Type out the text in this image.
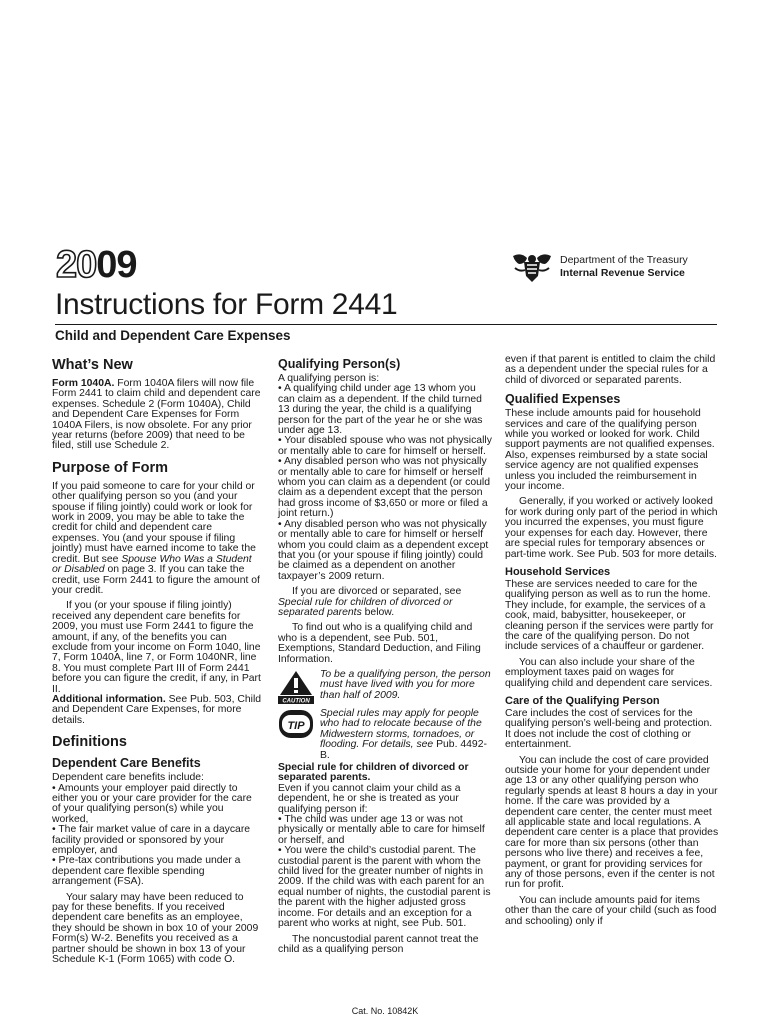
2009	Department of the Treasury
Internal Revenue Service
Instructions for Form 2441
Child and Dependent Care Expenses
What’s New

Form 1040A. Form 1040A filers will now file Form 2441 to claim child and dependent care expenses. Schedule 2 (Form 1040A), Child and Dependent Care Expenses for Form 1040A Filers, is now obsolete. For any prior year returns (before 2009) that need to be filed, still use Schedule 2.

Purpose of Form

If you paid someone to care for your child or other qualifying person so you (and your spouse if filing jointly) could work or look for work in 2009, you may be able to take the credit for child and dependent care expenses. You (and your spouse if filing jointly) must have earned income to take the credit. But see Spouse Who Was a Student or Disabled on page 3. If you can take the credit, use Form 2441 to figure the amount of your credit.

If you (or your spouse if filing jointly) received any dependent care benefits for 2009, you must use Form 2441 to figure the amount, if any, of the benefits you can exclude from your income on Form 1040, line 7, Form 1040A, line 7, or Form 1040NR, line 8. You must complete Part III of Form 2441 before you can figure the credit, if any, in Part II.

Additional information. See Pub. 503, Child and Dependent Care Expenses, for more details.

Definitions
Dependent Care Benefits

Dependent care benefits include:

• Amounts your employer paid directly to either you or your care provider for the care of your qualifying person(s) while you worked,

• The fair market value of care in a daycare facility provided or sponsored by your employer, and

• Pre-tax contributions you made under a dependent care flexible spending arrangement (FSA).

Your salary may have been reduced to pay for these benefits. If you received dependent care benefits as an employee, they should be shown in box 10 of your 2009 Form(s) W-2. Benefits you received as a partner should be shown in box 13 of your Schedule K-1 (Form 1065) with code O.

Qualifying Person(s)

A qualifying person is:

• A qualifying child under age 13 whom you can claim as a dependent. If the child turned 13 during the year, the child is a qualifying person for the part of the year he or she was under age 13.

• Your disabled spouse who was not physically or mentally able to care for himself or herself.

• Any disabled person who was not physically or mentally able to care for himself or herself whom you can claim as a dependent (or could claim as a dependent except that the person had gross income of $3,650 or more or filed a joint return.)

• Any disabled person who was not physically or mentally able to care for himself or herself whom you could claim as a dependent except that you (or your spouse if filing jointly) could be claimed as a dependent on another taxpayer’s 2009 return.

If you are divorced or separated, see Special rule for children of divorced or separated parents below.

To find out who is a qualifying child and who is a dependent, see Pub. 501, Exemptions, Standard Deduction, and Filing Information.

CAUTION
To be a qualifying person, the person must have lived with you for more than half of 2009.
TIP
Special rules may apply for people who had to relocate because of the Midwestern storms, tornadoes, or flooding. For details, see Pub. 4492-B.

Special rule for children of divorced or separated parents.

Even if you cannot claim your child as a dependent, he or she is treated as your qualifying person if:

• The child was under age 13 or was not physically or mentally able to care for himself or herself, and

• You were the child’s custodial parent. The custodial parent is the parent with whom the child lived for the greater number of nights in 2009. If the child was with each parent for an equal number of nights, the custodial parent is the parent with the higher adjusted gross income. For details and an exception for a parent who works at night, see Pub. 501.

The noncustodial parent cannot treat the child as a qualifying person

even if that parent is entitled to claim the child as a dependent under the special rules for a child of divorced or separated parents.

Qualified Expenses

These include amounts paid for household services and care of the qualifying person while you worked or looked for work. Child support payments are not qualified expenses. Also, expenses reimbursed by a state social service agency are not qualified expenses unless you included the reimbursement in your income.

Generally, if you worked or actively looked for work during only part of the period in which you incurred the expenses, you must figure your expenses for each day. However, there are special rules for temporary absences or part-time work. See Pub. 503 for more details.

Household Services

These are services needed to care for the qualifying person as well as to run the home. They include, for example, the services of a cook, maid, babysitter, housekeeper, or cleaning person if the services were partly for the care of the qualifying person. Do not include services of a chauffeur or gardener.

You can also include your share of the employment taxes paid on wages for qualifying child and dependent care services.

Care of the Qualifying Person

Care includes the cost of services for the qualifying person’s well-being and protection. It does not include the cost of clothing or entertainment.

You can include the cost of care provided outside your home for your dependent under age 13 or any other qualifying person who regularly spends at least 8 hours a day in your home. If the care was provided by a dependent care center, the center must meet all applicable state and local regulations. A dependent care center is a place that provides care for more than six persons (other than persons who live there) and receives a fee, payment, or grant for providing services for any of those persons, even if the center is not run for profit.

You can include amounts paid for items other than the care of your child (such as food and schooling) only if

Cat. No. 10842K
